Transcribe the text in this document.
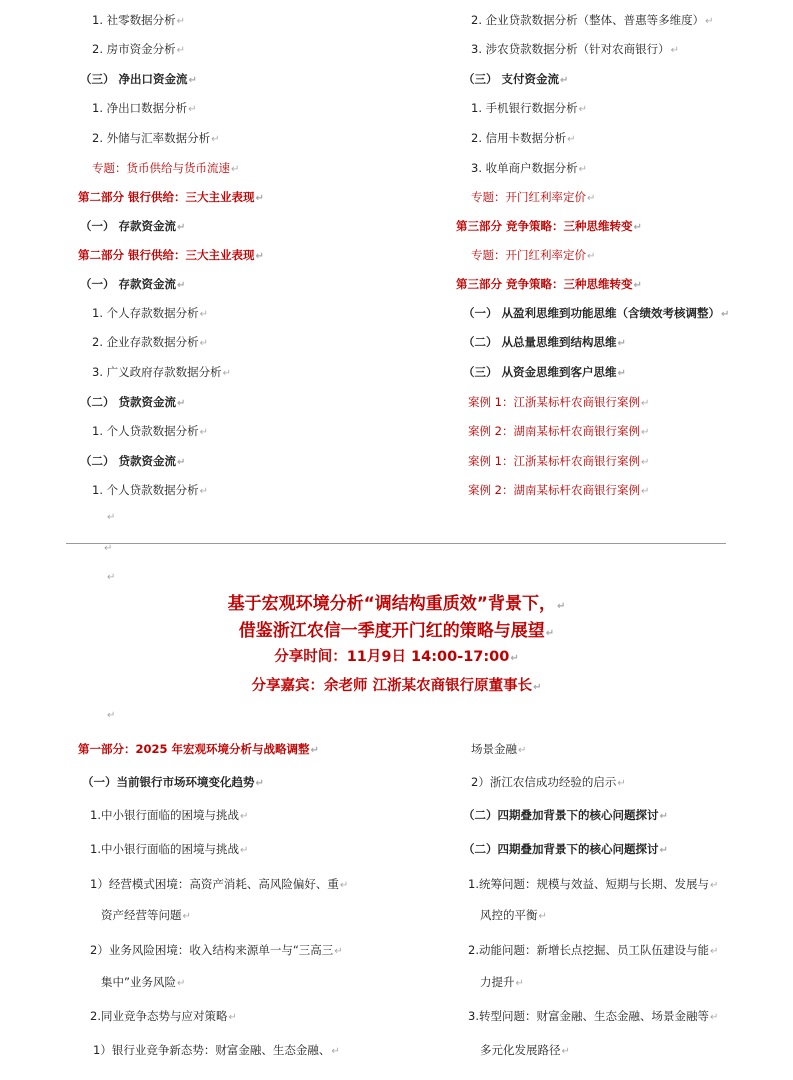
1. 社零数据分析↵
2. 房市资金分析↵
（三） 净出口资金流↵
1. 净出口数据分析↵
2. 外储与汇率数据分析↵
专题：货币供给与货币流速↵
第二部分 银行供给：三大主业表现↵
（一） 存款资金流↵
第二部分 银行供给：三大主业表现↵
（一） 存款资金流↵
1. 个人存款数据分析↵
2. 企业存款数据分析↵
3. 广义政府存款数据分析↵
（二） 贷款资金流↵
1. 个人贷款数据分析↵
（二） 贷款资金流↵
1. 个人贷款数据分析↵
2. 企业贷款数据分析（整体、普惠等多维度）↵
3. 涉农贷款数据分析（针对农商银行）↵
（三） 支付资金流↵
1. 手机银行数据分析↵
2. 信用卡数据分析↵
3. 收单商户数据分析↵
专题：开门红利率定价↵
第三部分 竞争策略：三种思维转变↵
专题：开门红利率定价↵
第三部分 竞争策略：三种思维转变↵
（一） 从盈利思维到功能思维（含绩效考核调整）↵
（二） 从总量思维到结构思维↵
（三） 从资金思维到客户思维↵
案例 1：江浙某标杆农商银行案例↵
案例 2：湖南某标杆农商银行案例↵
案例 1：江浙某标杆农商银行案例↵
案例 2：湖南某标杆农商银行案例↵
↵
↵
↵
↵
基于宏观环境分析“调结构重质效”背景下，↵
借鉴浙江农信一季度开门红的策略与展望↵
分享时间：11月9日 14:00-17:00↵
分享嘉宾：余老师 江浙某农商银行原董事长↵
第一部分：2025 年宏观环境分析与战略调整↵
（一）当前银行市场环境变化趋势↵
1.中小银行面临的困境与挑战↵
1.中小银行面临的困境与挑战↵
1）经营模式困境：高资产消耗、高风险偏好、重↵
资产经营等问题↵
2）业务风险困境：收入结构来源单一与“三高三↵
集中”业务风险↵
2.同业竞争态势与应对策略↵
1）银行业竞争新态势：财富金融、生态金融、↵
场景金融↵
2）浙江农信成功经验的启示↵
（二）四期叠加背景下的核心问题探讨↵
（二）四期叠加背景下的核心问题探讨↵
1.统筹问题：规模与效益、短期与长期、发展与↵
风控的平衡↵
2.动能问题：新增长点挖掘、员工队伍建设与能↵
力提升↵
3.转型问题：财富金融、生态金融、场景金融等↵
多元化发展路径↵
